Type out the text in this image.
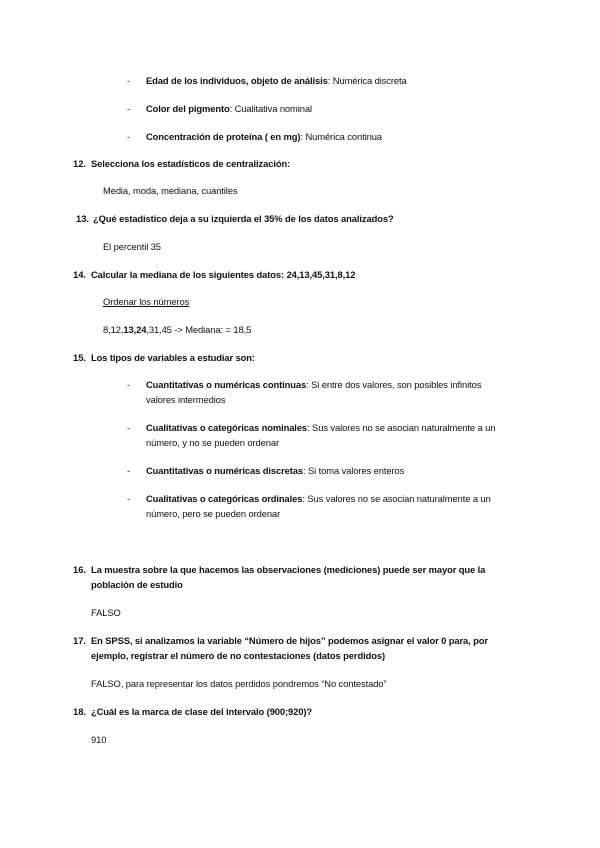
- Edad de los individuos, objeto de análisis: Numérica discreta
- Color del pigmento: Cualitativa nominal
- Concentración de proteína ( en mg): Numérica continua
12. Selecciona los estadísticos de centralización:
Media, moda, mediana, cuantiles
13. ¿Qué estadístico deja a su izquierda el 35% de los datos analizados?
El percentil 35
14. Calcular la mediana de los siguientes datos: 24,13,45,31,8,12
Ordenar los números
8,12,13,24,31,45 -> Mediana: = 18,5
15. Los tipos de variables a estudiar son:
- Cuantitativas o numéricas continuas: Si entre dos valores, son posibles infinitos
valores intermedios
- Cualitativas o categóricas nominales: Sus valores no se asocian naturalmente a un
número, y no se pueden ordenar
- Cuantitativas o numéricas discretas: Si toma valores enteros
- Cualitativas o categóricas ordinales: Sus valores no se asocian naturalmente a un
número, pero se pueden ordenar
16. La muestra sobre la que hacemos las observaciones (mediciones) puede ser mayor que la
población de estudio
FALSO
17. En SPSS, si analizamos la variable “Número de hijos” podemos asignar el valor 0 para, por
ejemplo, registrar el número de no contestaciones (datos perdidos)
FALSO, para representar los datos perdidos pondremos “No contestado”
18. ¿Cuál es la marca de clase del intervalo (900;920)?
910
